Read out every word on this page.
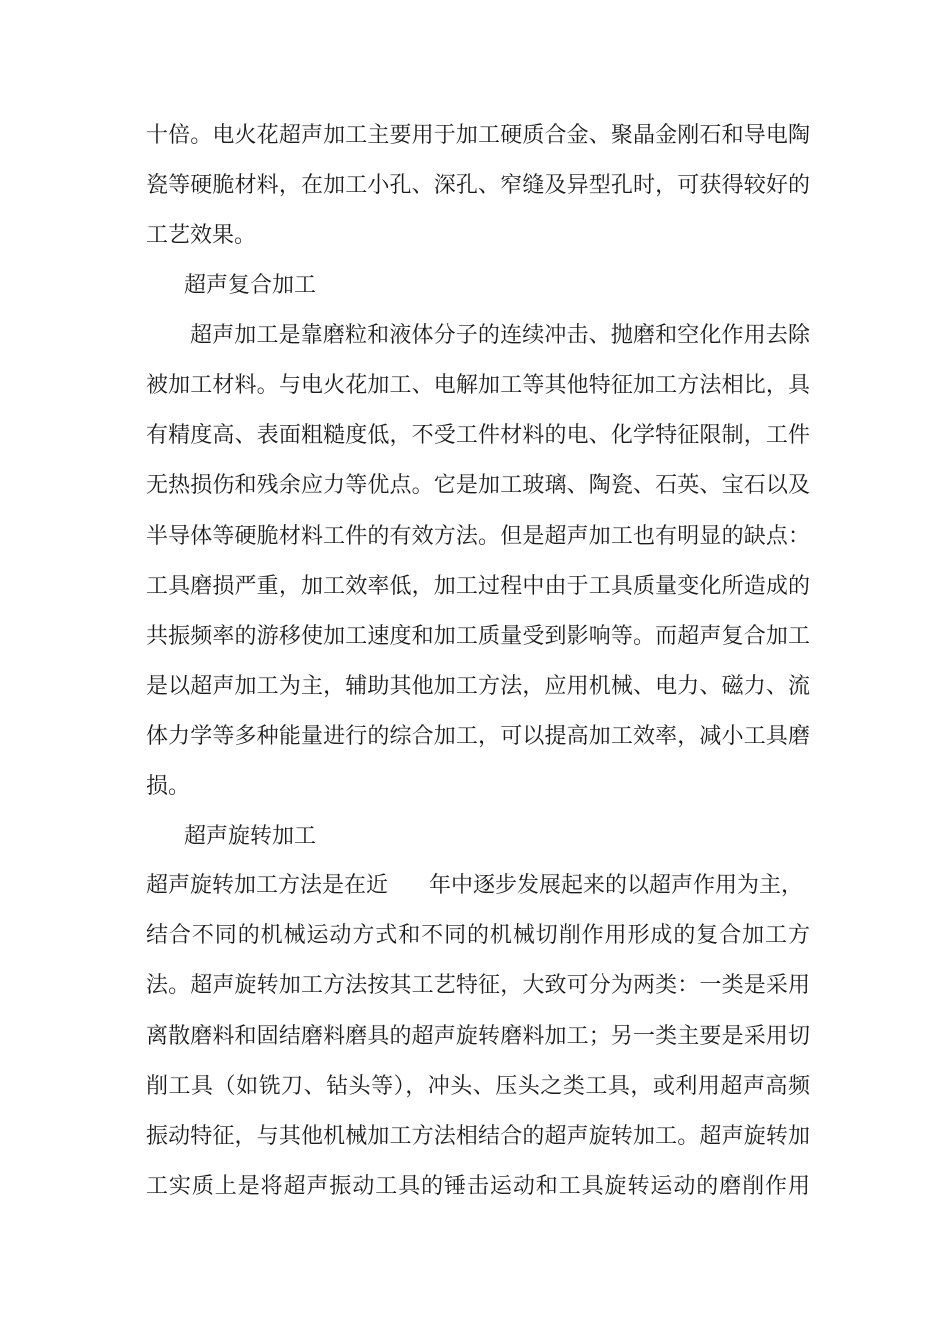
十倍。电火花超声加工主要用于加工硬质合金、聚晶金刚石和导电陶
瓷等硬脆材料，在加工小孔、深孔、窄缝及异型孔时，可获得较好的
工艺效果。
超声复合加工
超声加工是靠磨粒和液体分子的连续冲击、抛磨和空化作用去除
被加工材料。与电火花加工、电解加工等其他特征加工方法相比，具
有精度高、表面粗糙度低，不受工件材料的电、化学特征限制，工件
无热损伤和残余应力等优点。它是加工玻璃、陶瓷、石英、宝石以及
半导体等硬脆材料工件的有效方法。但是超声加工也有明显的缺点：
工具磨损严重，加工效率低，加工过程中由于工具质量变化所造成的
共振频率的游移使加工速度和加工质量受到影响等。而超声复合加工
是以超声加工为主，辅助其他加工方法，应用机械、电力、磁力、流
体力学等多种能量进行的综合加工，可以提高加工效率，减小工具磨
损。
超声旋转加工
超声旋转加工方法是在近 年中逐步发展起来的以超声作用为主，
结合不同的机械运动方式和不同的机械切削作用形成的复合加工方
法。超声旋转加工方法按其工艺特征，大致可分为两类：一类是采用
离散磨料和固结磨料磨具的超声旋转磨料加工；另一类主要是采用切
削工具（如铣刀、钻头等），冲头、压头之类工具，或利用超声高频
振动特征，与其他机械加工方法相结合的超声旋转加工。超声旋转加
工实质上是将超声振动工具的锤击运动和工具旋转运动的磨削作用
